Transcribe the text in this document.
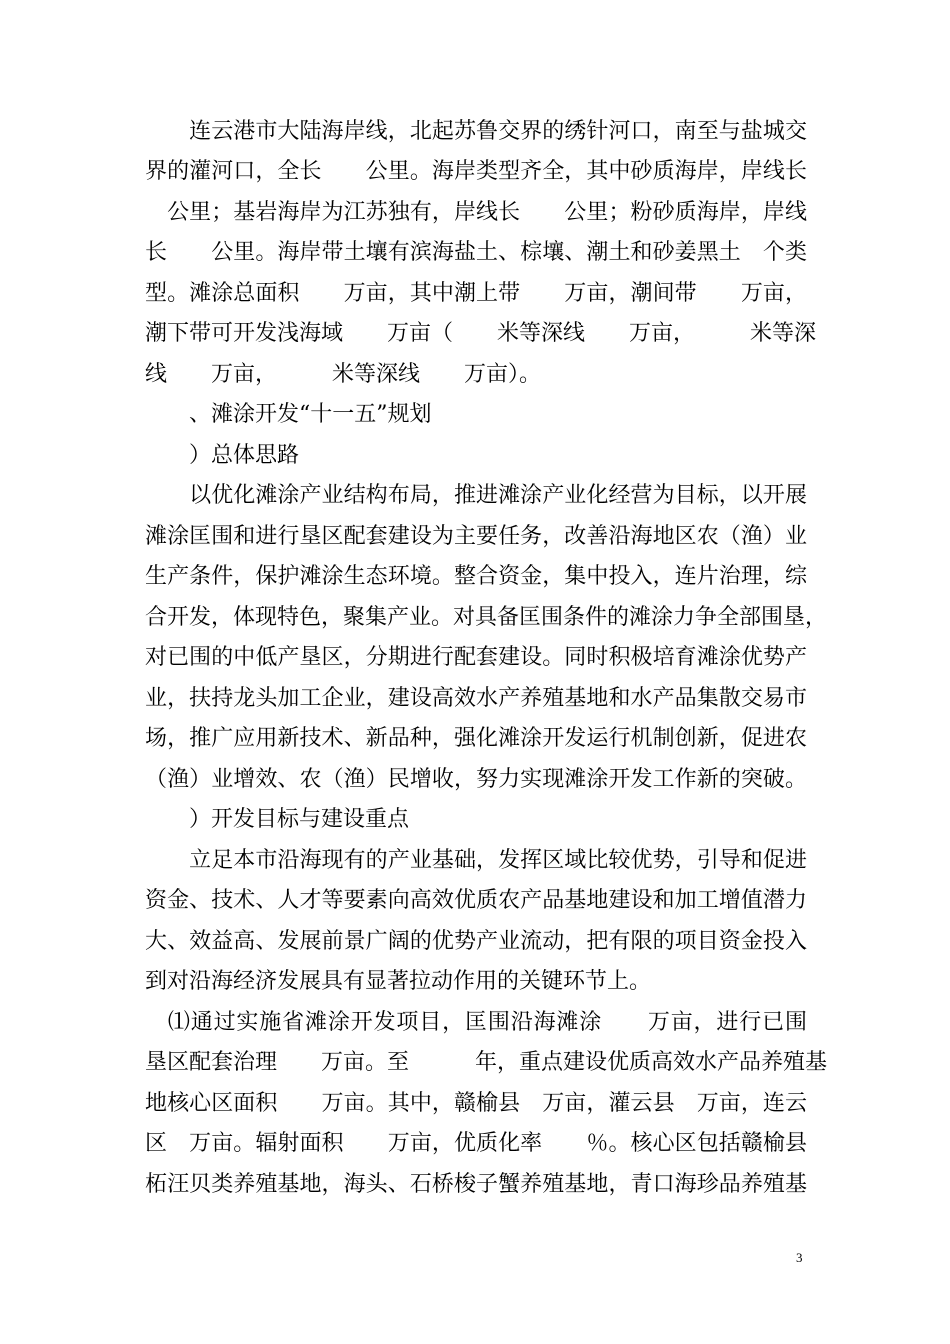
　　连云港市大陆海岸线，北起苏鲁交界的绣针河口，南至与盐城交
界的灌河口，全长　　公里。海岸类型齐全，其中砂质海岸，岸线长
　公里；基岩海岸为江苏独有，岸线长　　公里；粉砂质海岸，岸线
长　　公里。海岸带土壤有滨海盐土、棕壤、潮土和砂姜黑土　个类
型。滩涂总面积　　万亩，其中潮上带　　万亩，潮间带　　万亩，
潮下带可开发浅海域　　万亩（　　米等深线　　万亩，　　　米等深
线　　万亩，　　　米等深线　　万亩）。
　　、滩涂开发“十一五”规划
　　）总体思路
　　以优化滩涂产业结构布局，推进滩涂产业化经营为目标，以开展
滩涂匡围和进行垦区配套建设为主要任务，改善沿海地区农（渔）业
生产条件，保护滩涂生态环境。整合资金，集中投入，连片治理，综
合开发，体现特色，聚集产业。对具备匡围条件的滩涂力争全部围垦，
对已围的中低产垦区，分期进行配套建设。同时积极培育滩涂优势产
业，扶持龙头加工企业，建设高效水产养殖基地和水产品集散交易市
场，推广应用新技术、新品种，强化滩涂开发运行机制创新，促进农
（渔）业增效、农（渔）民增收，努力实现滩涂开发工作新的突破。
　　）开发目标与建设重点
　　立足本市沿海现有的产业基础，发挥区域比较优势，引导和促进
资金、技术、人才等要素向高效优质农产品基地建设和加工增值潜力
大、效益高、发展前景广阔的优势产业流动，把有限的项目资金投入
到对沿海经济发展具有显著拉动作用的关键环节上。
　⑴通过实施省滩涂开发项目，匡围沿海滩涂　　万亩，进行已围
垦区配套治理　　万亩。至　　　年，重点建设优质高效水产品养殖基
地核心区面积　　万亩。其中，赣榆县　万亩，灌云县　万亩，连云
区　万亩。辐射面积　　万亩，优质化率　　％。核心区包括赣榆县
柘汪贝类养殖基地，海头、石桥梭子蟹养殖基地，青口海珍品养殖基
3
